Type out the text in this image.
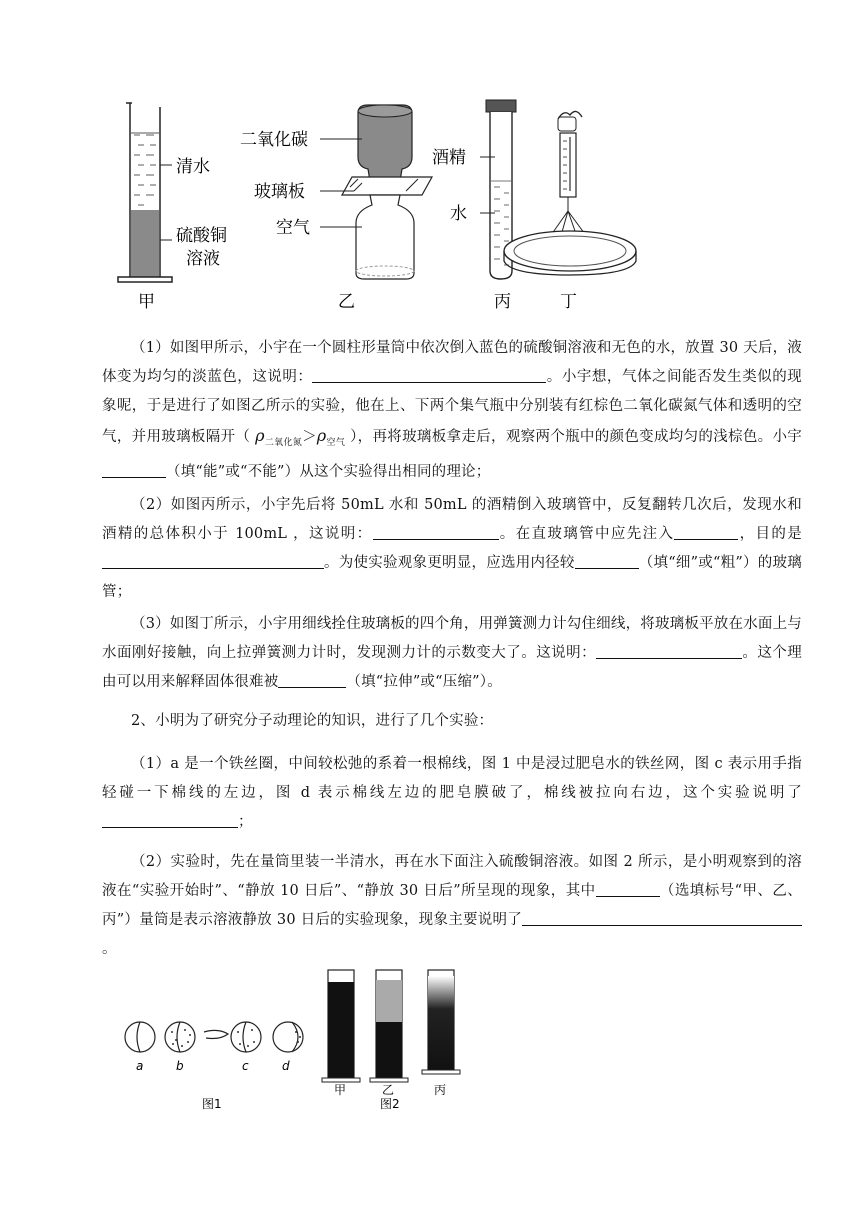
清水
硫酸铜
溶液
甲
二氧化碳
玻璃板
空气
乙
酒精
水
丙	丁
（1）如图甲所示，小宇在一个圆柱形量筒中依次倒入蓝色的硫酸铜溶液和无色的水，放置 30 天后，液体变为均匀的淡蓝色，这说明：	。小宇想，气体之间能否发生类似的现象呢，于是进行了如图乙所示的实验，他在上、下两个集气瓶中分别装有红棕色二氧化碳氮气体和透明的空气，并用玻璃板隔开（ $\rho_{二氧化氮}>\rho_{空气}$ ），再将玻璃板拿走后，观察两个瓶中的颜色变成均匀的浅棕色。小宇（填“能”或“不能”）从这个实验得出相同的理论；
（2）如图丙所示，小宇先后将 50mL 水和 50mL 的酒精倒入玻璃管中，反复翻转几次后，发现水和酒精的总体积小于 100mL ，这说明：	。在直玻璃管中应先注入	，目的是。为使实验观象更明显，应选用内径较	（填“细”或“粗”）的玻璃管；
（3）如图丁所示，小宇用细线拴住玻璃板的四个角，用弹簧测力计勾住细线，将玻璃板平放在水面上与水面刚好接触，向上拉弹簧测力计时，发现测力计的示数变大了。这说明：	。这个理由可以用来解释固体很难被	（填“拉伸”或“压缩”）。
2、小明为了研究分子动理论的知识，进行了几个实验：
（1）a 是一个铁丝圈，中间较松弛的系着一根棉线，图 1 中是浸过肥皂水的铁丝网，图 c 表示用手指轻碰一下棉线的左边，图 d 表示棉线左边的肥皂膜破了，棉线被拉向右边，这个实验说明了；
（2）实验时，先在量筒里装一半清水，再在水下面注入硫酸铜溶液。如图 2 所示，是小明观察到的溶液在“实验开始时”、“静放 10 日后”、“静放 30 日后”所呈现的现象，其中	（选填标号“甲、乙、丙”）量筒是表示溶液静放 30 日后的实验现象，现象主要说明了。
a	b	c	d
图1
甲	乙	丙
图2
